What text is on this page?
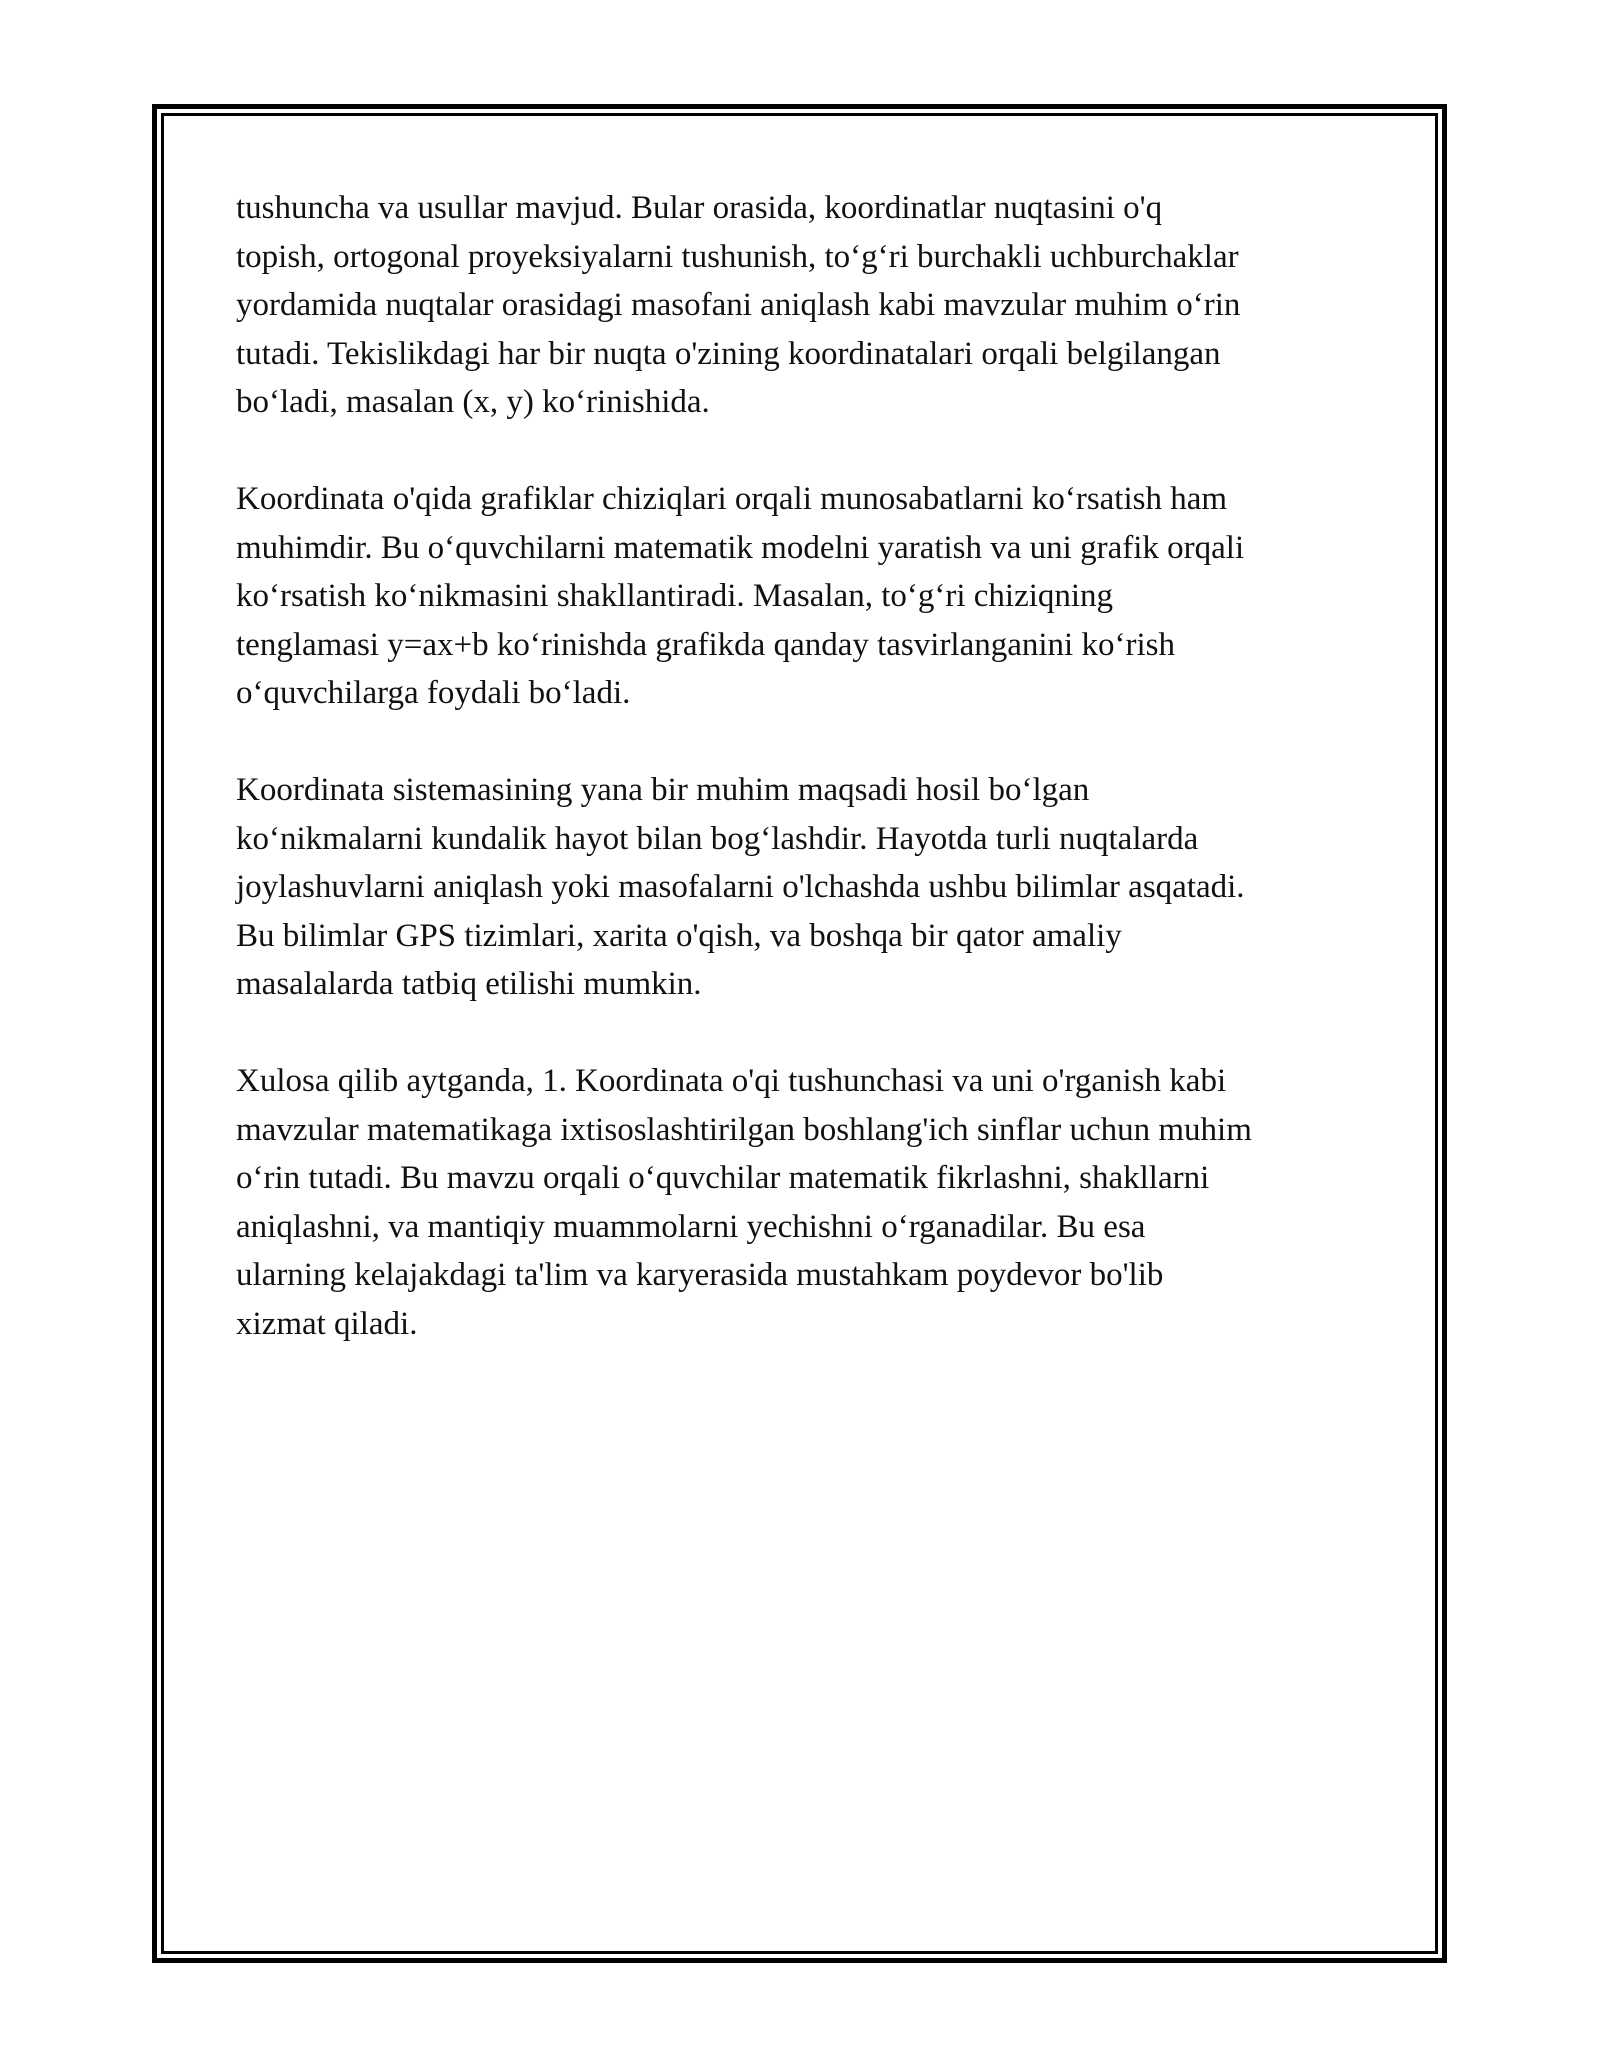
tushuncha va usullar mavjud. Bular orasida, koordinatlar nuqtasini o'q
topish, ortogonal proyeksiyalarni tushunish, to‘g‘ri burchakli uchburchaklar
yordamida nuqtalar orasidagi masofani aniqlash kabi mavzular muhim o‘rin
tutadi. Tekislikdagi har bir nuqta o'zining koordinatalari orqali belgilangan
bo‘ladi, masalan (x, y) ko‘rinishida.

Koordinata o'qida grafiklar chiziqlari orqali munosabatlarni ko‘rsatish ham
muhimdir. Bu o‘quvchilarni matematik modelni yaratish va uni grafik orqali
ko‘rsatish ko‘nikmasini shakllantiradi. Masalan, to‘g‘ri chiziqning
tenglamasi y=ax+b ko‘rinishda grafikda qanday tasvirlanganini ko‘rish
o‘quvchilarga foydali bo‘ladi.

Koordinata sistemasining yana bir muhim maqsadi hosil bo‘lgan
ko‘nikmalarni kundalik hayot bilan bog‘lashdir. Hayotda turli nuqtalarda
joylashuvlarni aniqlash yoki masofalarni o'lchashda ushbu bilimlar asqatadi.
Bu bilimlar GPS tizimlari, xarita o'qish, va boshqa bir qator amaliy
masalalarda tatbiq etilishi mumkin.

Xulosa qilib aytganda, 1. Koordinata o'qi tushunchasi va uni o'rganish kabi
mavzular matematikaga ixtisoslashtirilgan boshlang'ich sinflar uchun muhim
o‘rin tutadi. Bu mavzu orqali o‘quvchilar matematik fikrlashni, shakllarni
aniqlashni, va mantiqiy muammolarni yechishni o‘rganadilar. Bu esa
ularning kelajakdagi ta'lim va karyerasida mustahkam poydevor bo'lib
xizmat qiladi.
